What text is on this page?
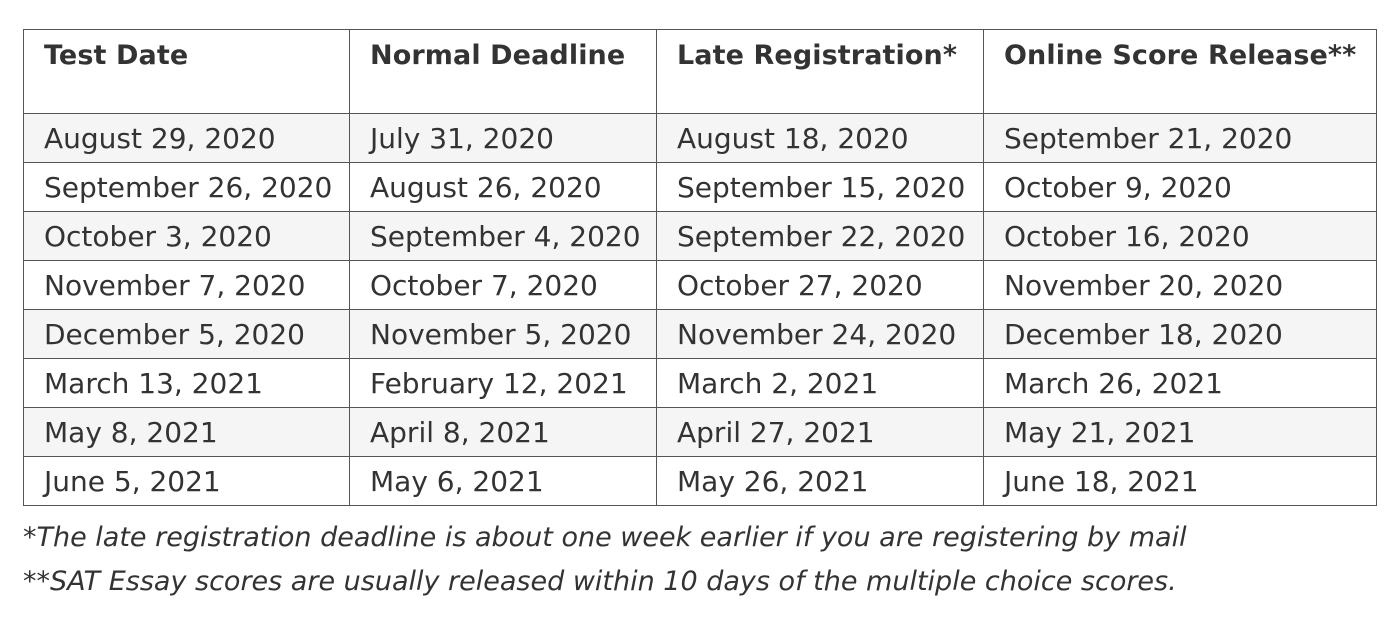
Test Date	Normal Deadline	Late Registration*	Online Score Release**
August 29, 2020	July 31, 2020	August 18, 2020	September 21, 2020
September 26, 2020	August 26, 2020	September 15, 2020	October 9, 2020
October 3, 2020	September 4, 2020	September 22, 2020	October 16, 2020
November 7, 2020	October 7, 2020	October 27, 2020	November 20, 2020
December 5, 2020	November 5, 2020	November 24, 2020	December 18, 2020
March 13, 2021	February 12, 2021	March 2, 2021	March 26, 2021
May 8, 2021	April 8, 2021	April 27, 2021	May 21, 2021
June 5, 2021	May 6, 2021	May 26, 2021	June 18, 2021
*The late registration deadline is about one week earlier if you are registering by mail
**SAT Essay scores are usually released within 10 days of the multiple choice scores.
